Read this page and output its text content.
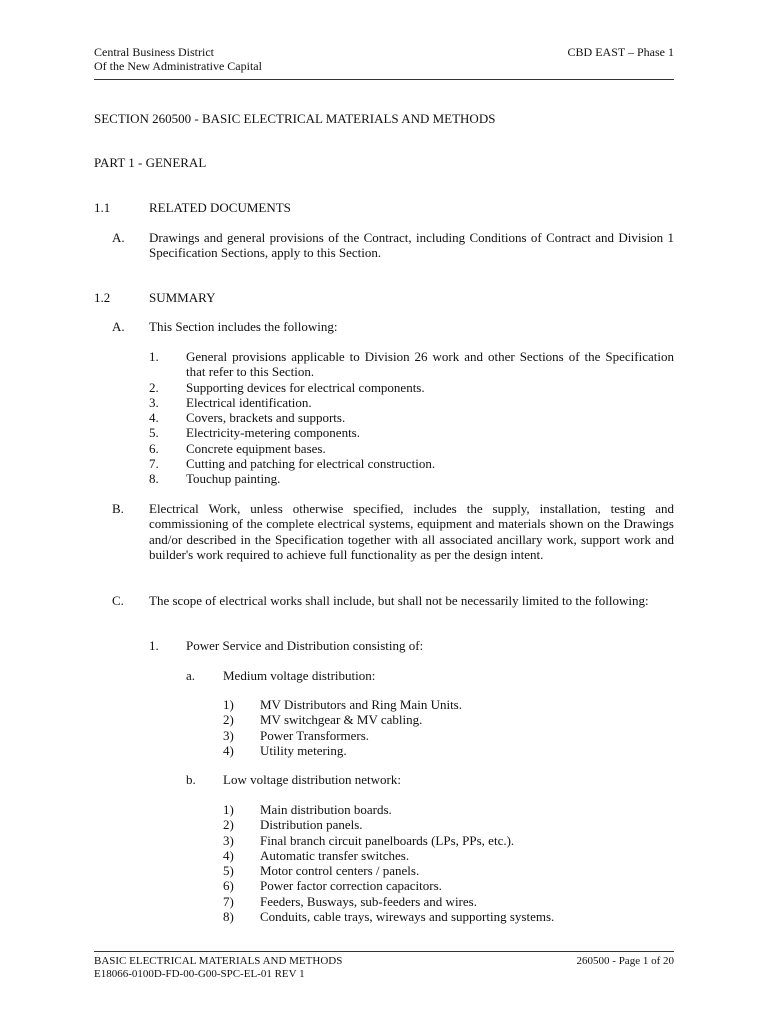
Central Business District
Of the New Administrative Capital
CBD EAST – Phase 1
SECTION 260500 - BASIC ELECTRICAL MATERIALS AND METHODS
PART 1 - GENERAL
1.1	RELATED DOCUMENTS
A. Drawings and general provisions of the Contract, including Conditions of Contract and Division 1 Specification Sections, apply to this Section.
1.2	SUMMARY
A. This Section includes the following:
1. General provisions applicable to Division 26 work and other Sections of the Specification that refer to this Section.
2. Supporting devices for electrical components.
3. Electrical identification.
4. Covers, brackets and supports.
5. Electricity-metering components.
6. Concrete equipment bases.
7. Cutting and patching for electrical construction.
8. Touchup painting.
B. Electrical Work, unless otherwise specified, includes the supply, installation, testing and commissioning of the complete electrical systems, equipment and materials shown on the Drawings and/or described in the Specification together with all associated ancillary work, support work and builder's work required to achieve full functionality as per the design intent.
C. The scope of electrical works shall include, but shall not be necessarily limited to the following:
1. Power Service and Distribution consisting of:
a. Medium voltage distribution:
1) MV Distributors and Ring Main Units.
2) MV switchgear & MV cabling.
3) Power Transformers.
4) Utility metering.
b. Low voltage distribution network:
1) Main distribution boards.
2) Distribution panels.
3) Final branch circuit panelboards (LPs, PPs, etc.).
4) Automatic transfer switches.
5) Motor control centers / panels.
6) Power factor correction capacitors.
7) Feeders, Busways, sub-feeders and wires.
8) Conduits, cable trays, wireways and supporting systems.
BASIC ELECTRICAL MATERIALS AND METHODS
E18066-0100D-FD-00-G00-SPC-EL-01 REV 1
260500 - Page 1 of 20
